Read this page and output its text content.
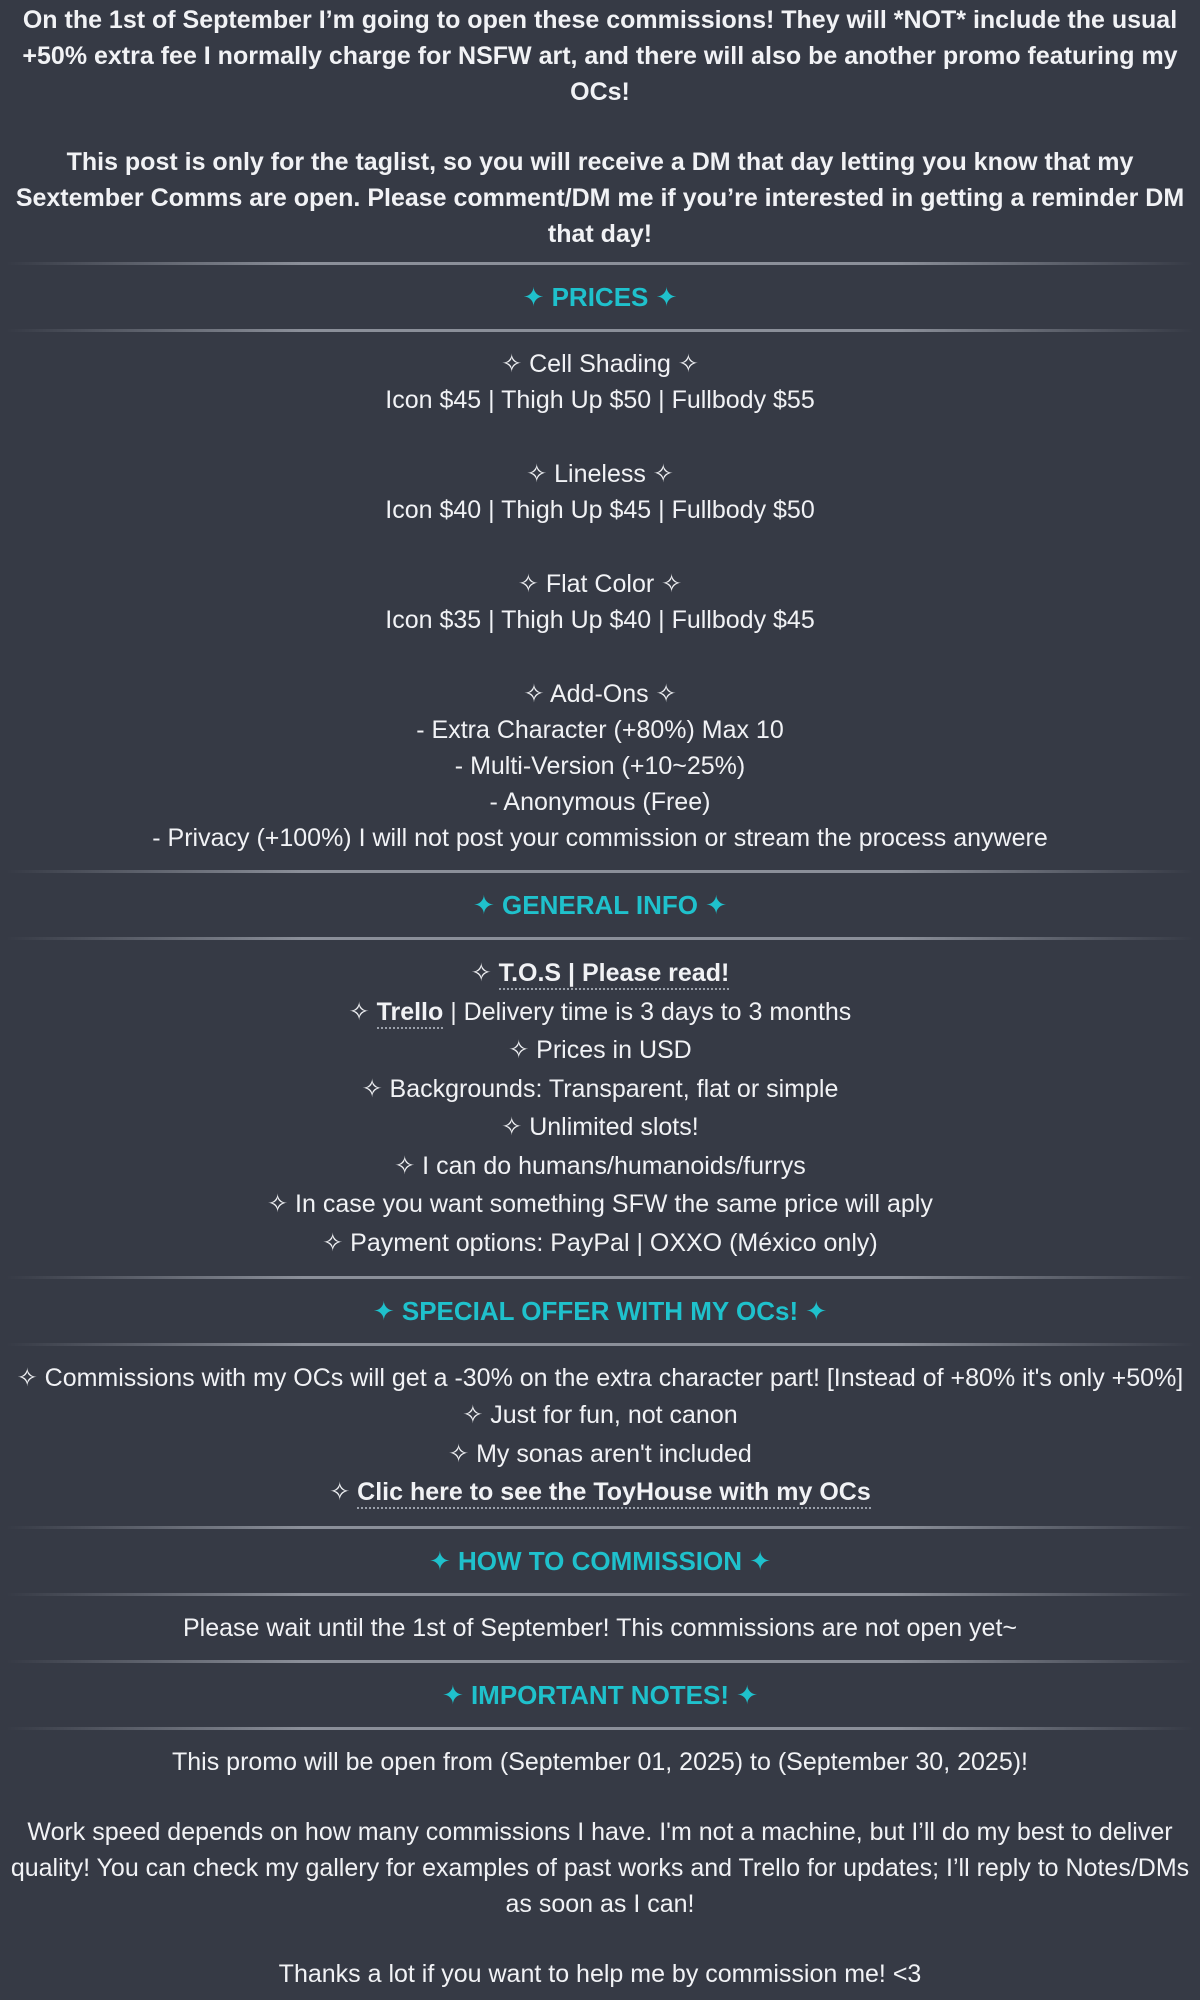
On the 1st of September I’m going to open these commissions! They will *NOT* include the usual +50% extra fee I normally charge for NSFW art, and there will also be another promo featuring my OCs!

This post is only for the taglist, so you will receive a DM that day letting you know that my Sextember Comms are open. Please comment/DM me if you’re interested in getting a reminder DM that day!

✦ PRICES ✦
✧ Cell Shading ✧
Icon $45 | Thigh Up $50 | Fullbody $55
✧ Lineless ✧
Icon $40 | Thigh Up $45 | Fullbody $50
✧ Flat Color ✧
Icon $35 | Thigh Up $40 | Fullbody $45
✧ Add-Ons ✧
- Extra Character (+80%) Max 10
- Multi-Version (+10~25%)
- Anonymous (Free)
- Privacy (+100%) I will not post your commission or stream the process anywere
✦ GENERAL INFO ✦
✧ T.O.S | Please read!
✧ Trello | Delivery time is 3 days to 3 months
✧ Prices in USD
✧ Backgrounds: Transparent, flat or simple
✧ Unlimited slots!
✧ I can do humans/humanoids/furrys
✧ In case you want something SFW the same price will aply
✧ Payment options: PayPal | OXXO (México only)
✦ SPECIAL OFFER WITH MY OCs! ✦
✧ Commissions with my OCs will get a -30% on the extra character part! [Instead of +80% it's only +50%]
✧ Just for fun, not canon
✧ My sonas aren't included
✧ Clic here to see the ToyHouse with my OCs
✦ HOW TO COMMISSION ✦
Please wait until the 1st of September! This commissions are not open yet~
✦ IMPORTANT NOTES! ✦

This promo will be open from (September 01, 2025) to (September 30, 2025)!

Work speed depends on how many commissions I have. I'm not a machine, but I’ll do my best to deliver quality! You can check my gallery for examples of past works and Trello for updates; I’ll reply to Notes/DMs as soon as I can!

Thanks a lot if you want to help me by commission me! <3
